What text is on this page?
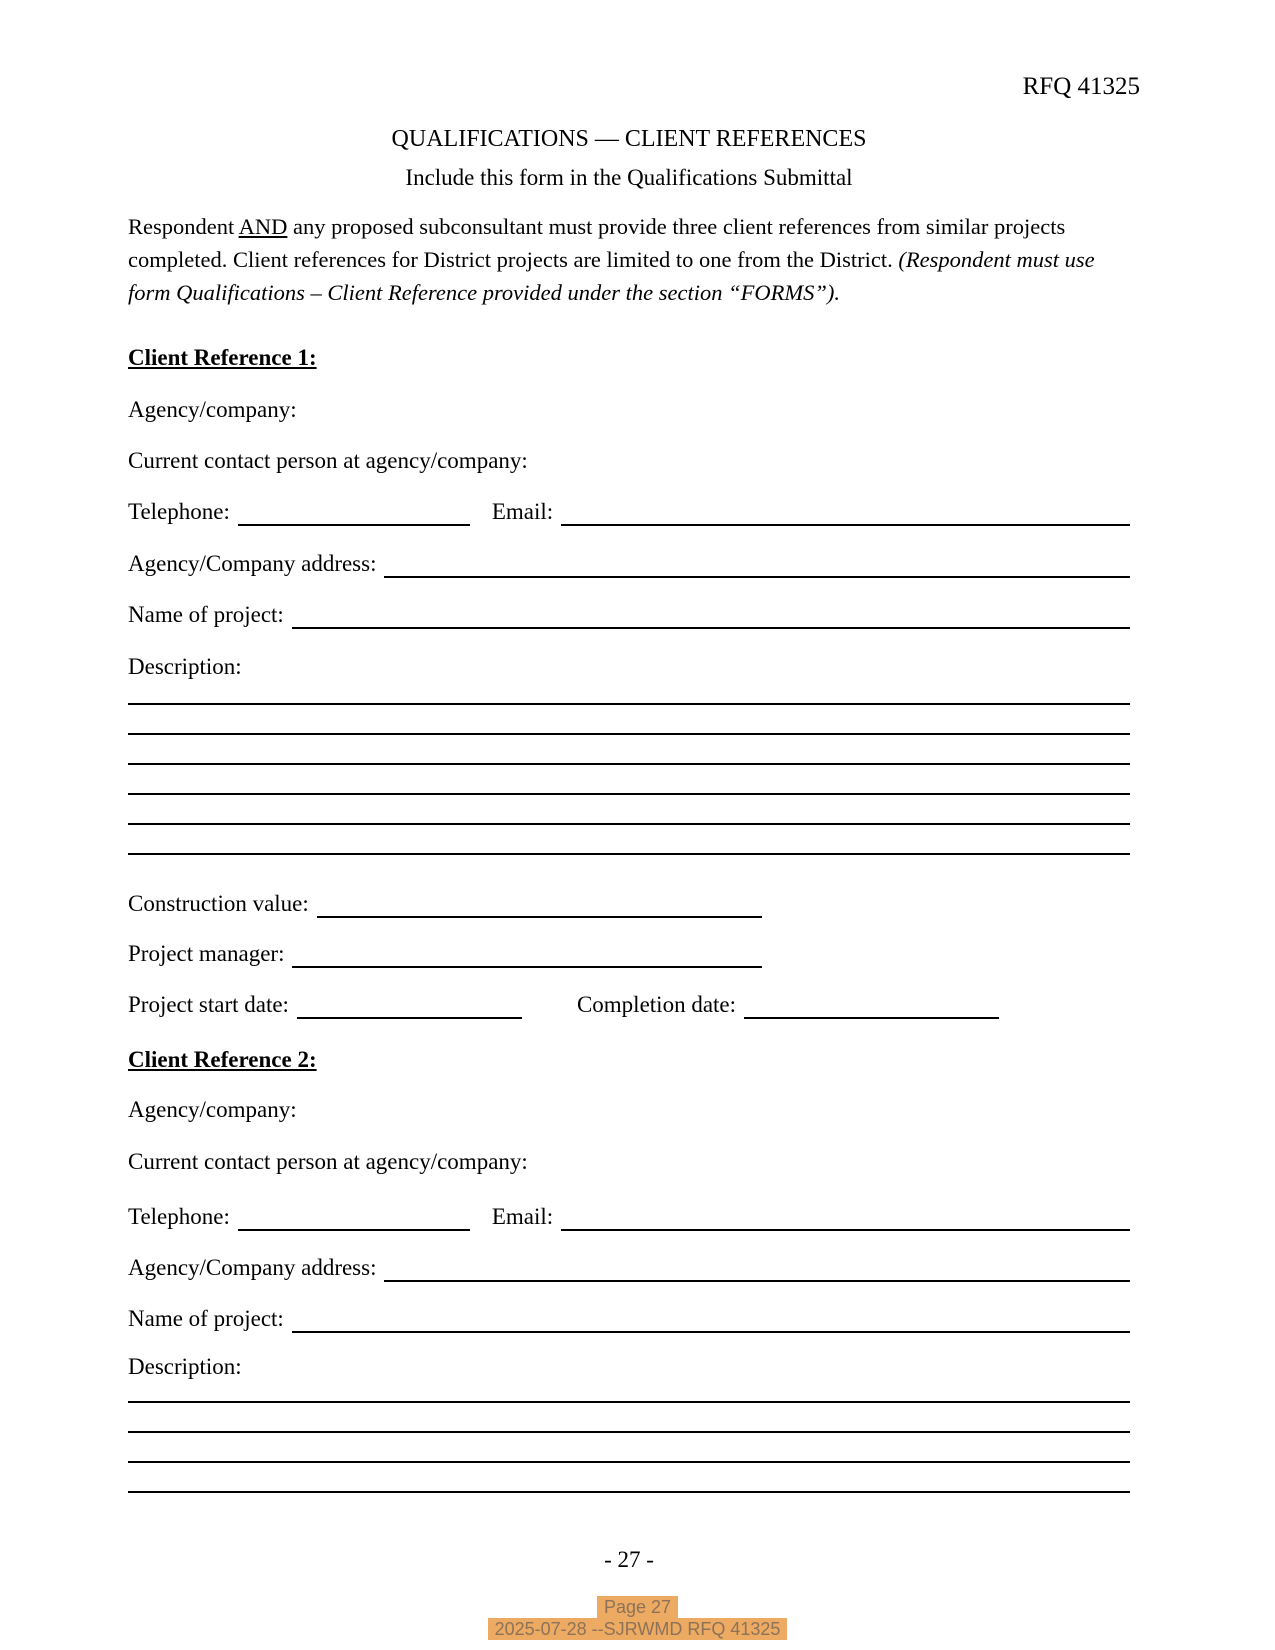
RFQ 41325
QUALIFICATIONS — CLIENT REFERENCES
Include this form in the Qualifications Submittal
Respondent AND any proposed subconsultant must provide three client references from similar projects completed. Client references for District projects are limited to one from the District. (Respondent must use form Qualifications – Client Reference provided under the section “FORMS”).
Client Reference 1:
Agency/company:
Current contact person at agency/company:
Telephone:	Email:
Agency/Company address:
Name of project:
Description:
Construction value:
Project manager:
Project start date:	Completion date:
Client Reference 2:
Agency/company:
Current contact person at agency/company:
Telephone:	Email:
Agency/Company address:
Name of project:
Description:
- 27 -
Page 27
2025-07-28 --SJRWMD RFQ 41325
